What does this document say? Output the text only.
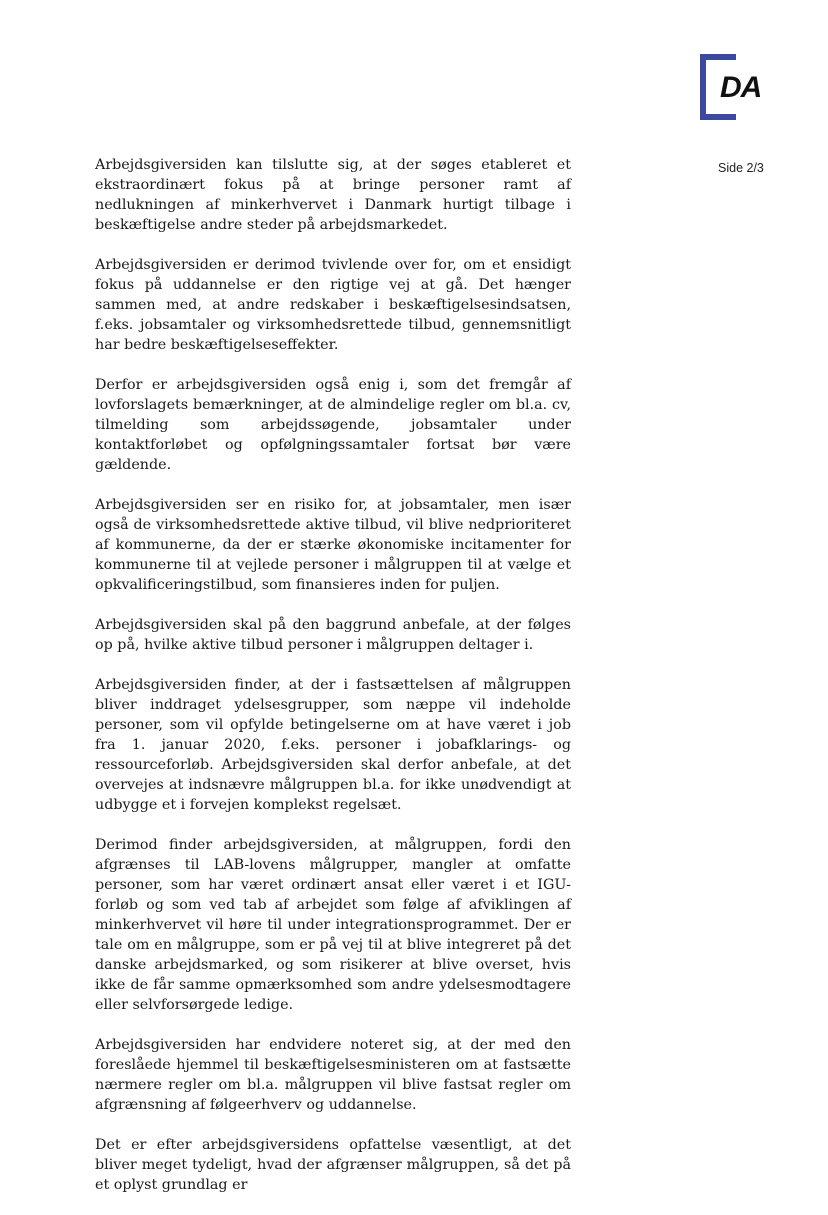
DA
Side 2/3

Arbejdsgiversiden kan tilslutte sig, at der søges etableret et ekstraordinært fokus på at bringe personer ramt af nedlukningen af minkerhvervet i Danmark hurtigt tilbage i beskæftigelse andre steder på arbejdsmarkedet.

Arbejdsgiversiden er derimod tvivlende over for, om et ensidigt fokus på uddannelse er den rigtige vej at gå. Det hænger sammen med, at andre redskaber i beskæftigelsesindsatsen, f.eks. jobsamtaler og virksomhedsrettede tilbud, gennemsnitligt har bedre beskæftigelseseffekter.

Derfor er arbejdsgiversiden også enig i, som det fremgår af lovforslagets bemærkninger, at de almindelige regler om bl.a. cv, tilmelding som arbejdssøgende, jobsamtaler under kontaktforløbet og opfølgningssamtaler fortsat bør være gældende.

Arbejdsgiversiden ser en risiko for, at jobsamtaler, men især også de virksomhedsrettede aktive tilbud, vil blive nedprioriteret af kommunerne, da der er stærke økonomiske incitamenter for kommunerne til at vejlede personer i målgruppen til at vælge et opkvalificeringstilbud, som finansieres inden for puljen.

Arbejdsgiversiden skal på den baggrund anbefale, at der følges op på, hvilke aktive tilbud personer i målgruppen deltager i.

Arbejdsgiversiden finder, at der i fastsættelsen af målgruppen bliver inddraget ydelsesgrupper, som næppe vil indeholde personer, som vil opfylde betingelserne om at have været i job fra 1. januar 2020, f.eks. personer i jobafklarings- og ressourceforløb. Arbejdsgiversiden skal derfor anbefale, at det overvejes at indsnævre målgruppen bl.a. for ikke unødvendigt at udbygge et i forvejen komplekst regelsæt.

Derimod finder arbejdsgiversiden, at målgruppen, fordi den afgrænses til LAB-lovens målgrupper, mangler at omfatte personer, som har været ordinært ansat eller været i et IGU-forløb og som ved tab af arbejdet som følge af afviklingen af minkerhvervet vil høre til under integrationsprogrammet. Der er tale om en målgruppe, som er på vej til at blive integreret på det danske arbejdsmarked, og som risikerer at blive overset, hvis ikke de får samme opmærksomhed som andre ydelsesmodtagere eller selvforsørgede ledige.

Arbejdsgiversiden har endvidere noteret sig, at der med den foreslåede hjemmel til beskæftigelsesministeren om at fastsætte nærmere regler om bl.a. målgruppen vil blive fastsat regler om afgrænsning af følgeerhverv og uddannelse.

Det er efter arbejdsgiversidens opfattelse væsentligt, at det bliver meget tydeligt, hvad der afgrænser målgruppen, så det på et oplyst grundlag er
